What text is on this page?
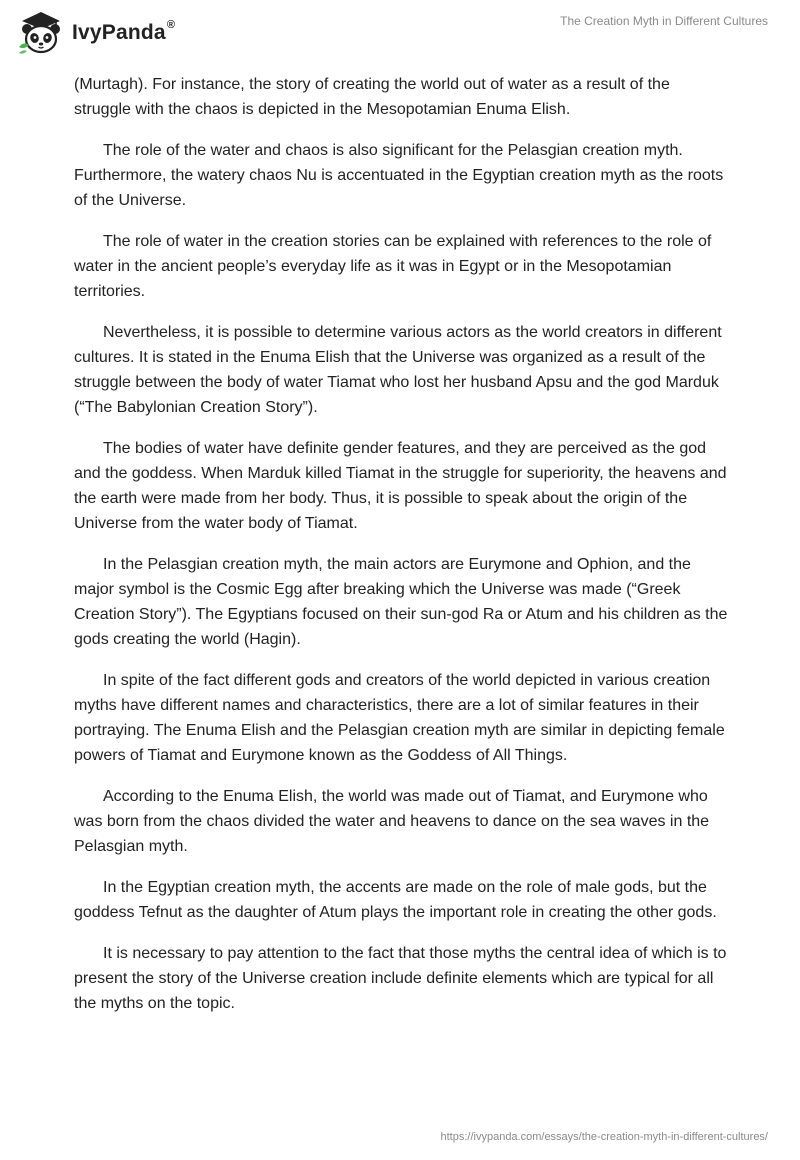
IvyPanda®	The Creation Myth in Different Cultures

(Murtagh). For instance, the story of creating the world out of water as a result of the struggle with the chaos is depicted in the Mesopotamian Enuma Elish.

The role of the water and chaos is also significant for the Pelasgian creation myth. Furthermore, the watery chaos Nu is accentuated in the Egyptian creation myth as the roots of the Universe.

The role of water in the creation stories can be explained with references to the role of water in the ancient people’s everyday life as it was in Egypt or in the Mesopotamian territories.

Nevertheless, it is possible to determine various actors as the world creators in different cultures. It is stated in the Enuma Elish that the Universe was organized as a result of the struggle between the body of water Tiamat who lost her husband Apsu and the god Marduk (“The Babylonian Creation Story”).

The bodies of water have definite gender features, and they are perceived as the god and the goddess. When Marduk killed Tiamat in the struggle for superiority, the heavens and the earth were made from her body. Thus, it is possible to speak about the origin of the Universe from the water body of Tiamat.

In the Pelasgian creation myth, the main actors are Eurymone and Ophion, and the major symbol is the Cosmic Egg after breaking which the Universe was made (“Greek Creation Story”). The Egyptians focused on their sun-god Ra or Atum and his children as the gods creating the world (Hagin).

In spite of the fact different gods and creators of the world depicted in various creation myths have different names and characteristics, there are a lot of similar features in their portraying. The Enuma Elish and the Pelasgian creation myth are similar in depicting female powers of Tiamat and Eurymone known as the Goddess of All Things.

According to the Enuma Elish, the world was made out of Tiamat, and Eurymone who was born from the chaos divided the water and heavens to dance on the sea waves in the Pelasgian myth.

In the Egyptian creation myth, the accents are made on the role of male gods, but the goddess Tefnut as the daughter of Atum plays the important role in creating the other gods.

It is necessary to pay attention to the fact that those myths the central idea of which is to present the story of the Universe creation include definite elements which are typical for all the myths on the topic.

https://ivypanda.com/essays/the-creation-myth-in-different-cultures/
